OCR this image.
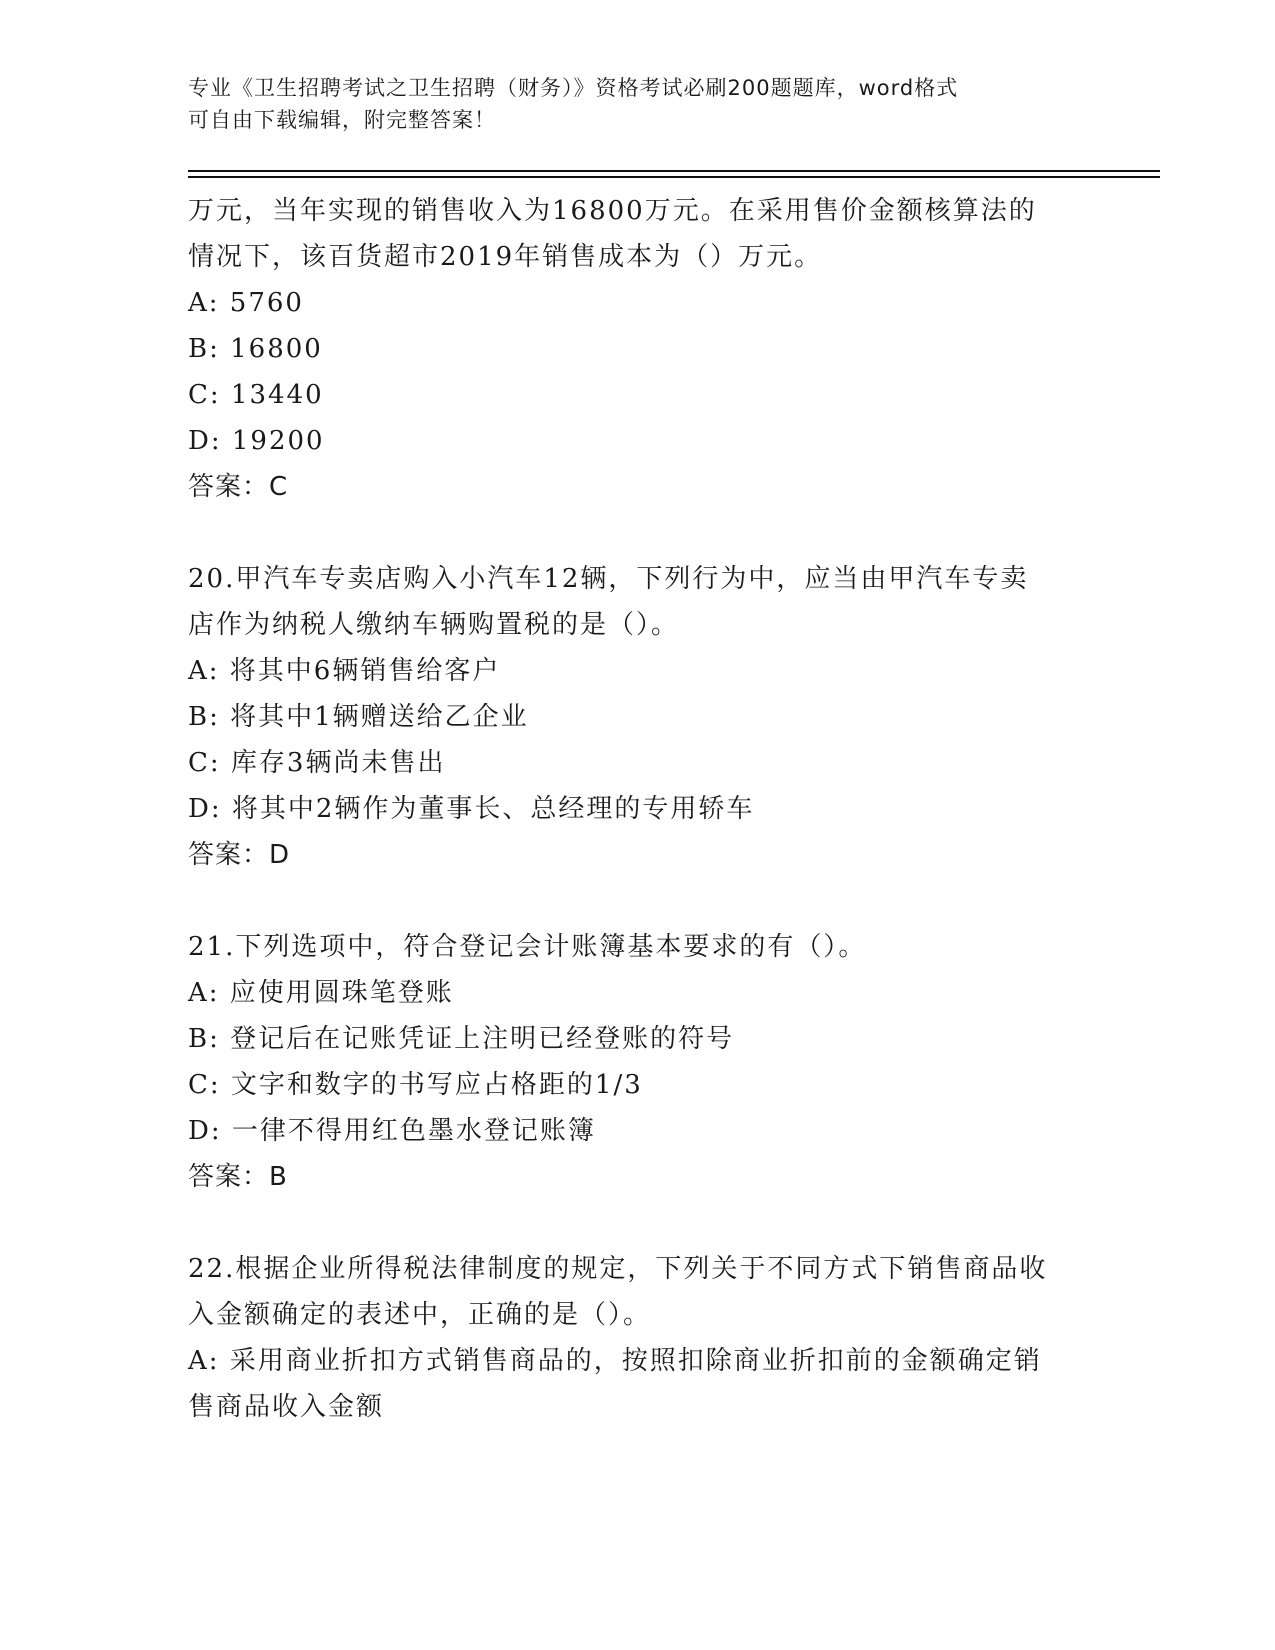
专业《卫生招聘考试之卫生招聘（财务）》资格考试必刷200题题库，word格式
可自由下载编辑，附完整答案！
万元，当年实现的销售收入为16800万元。在采用售价金额核算法的
情况下，该百货超市2019年销售成本为（）万元。
A: 5760
B: 16800
C: 13440
D: 19200
答案：C
20.甲汽车专卖店购入小汽车12辆，下列行为中，应当由甲汽车专卖
店作为纳税人缴纳车辆购置税的是（）。
A: 将其中6辆销售给客户
B: 将其中1辆赠送给乙企业
C: 库存3辆尚未售出
D: 将其中2辆作为董事长、总经理的专用轿车
答案：D
21.下列选项中，符合登记会计账簿基本要求的有（）。
A: 应使用圆珠笔登账
B: 登记后在记账凭证上注明已经登账的符号
C: 文字和数字的书写应占格距的1/3
D: 一律不得用红色墨水登记账簿
答案：B
22.根据企业所得税法律制度的规定，下列关于不同方式下销售商品收
入金额确定的表述中，正确的是（）。
A: 采用商业折扣方式销售商品的，按照扣除商业折扣前的金额确定销
售商品收入金额
